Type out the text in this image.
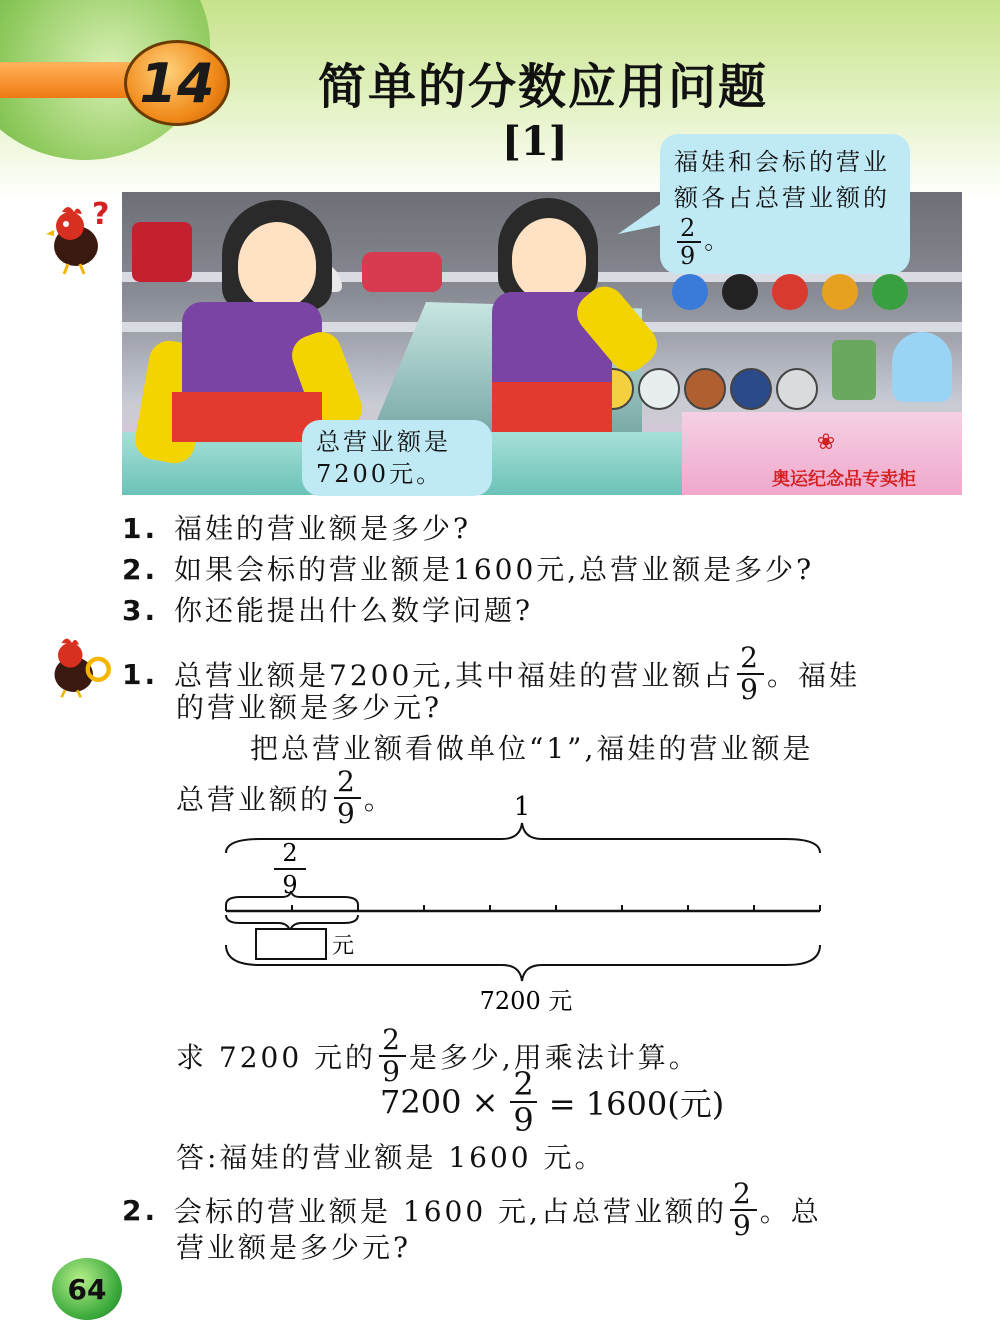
14	简单的分数应用问题
[1]
?
❀
奥运纪念品专卖柜
福娃和会标的营业额各占总营业额的
$\frac{2}{9}$ 。
总营业额是7200元。
1. 福娃的营业额是多少?
2. 如果会标的营业额是1600元,总营业额是多少?
3. 你还能提出什么数学问题?
1. 总营业额是7200元,其中福娃的营业额占 $\frac{2}{9}$ 。福娃
的营业额是多少元?
把总营业额看做单位“1”,福娃的营业额是
总营业额的 $\frac{2}{9}$ 。	1
2
9
元
7200 元
求 7200 元的 $\frac{2}{9}$ 是多少,用乘法计算。
$7200 \times \frac{2}{9} = 1600$(元)
答:福娃的营业额是 1600 元。
2. 会标的营业额是 1600 元,占总营业额的 $\frac{2}{9}$ 。总
营业额是多少元?
64
